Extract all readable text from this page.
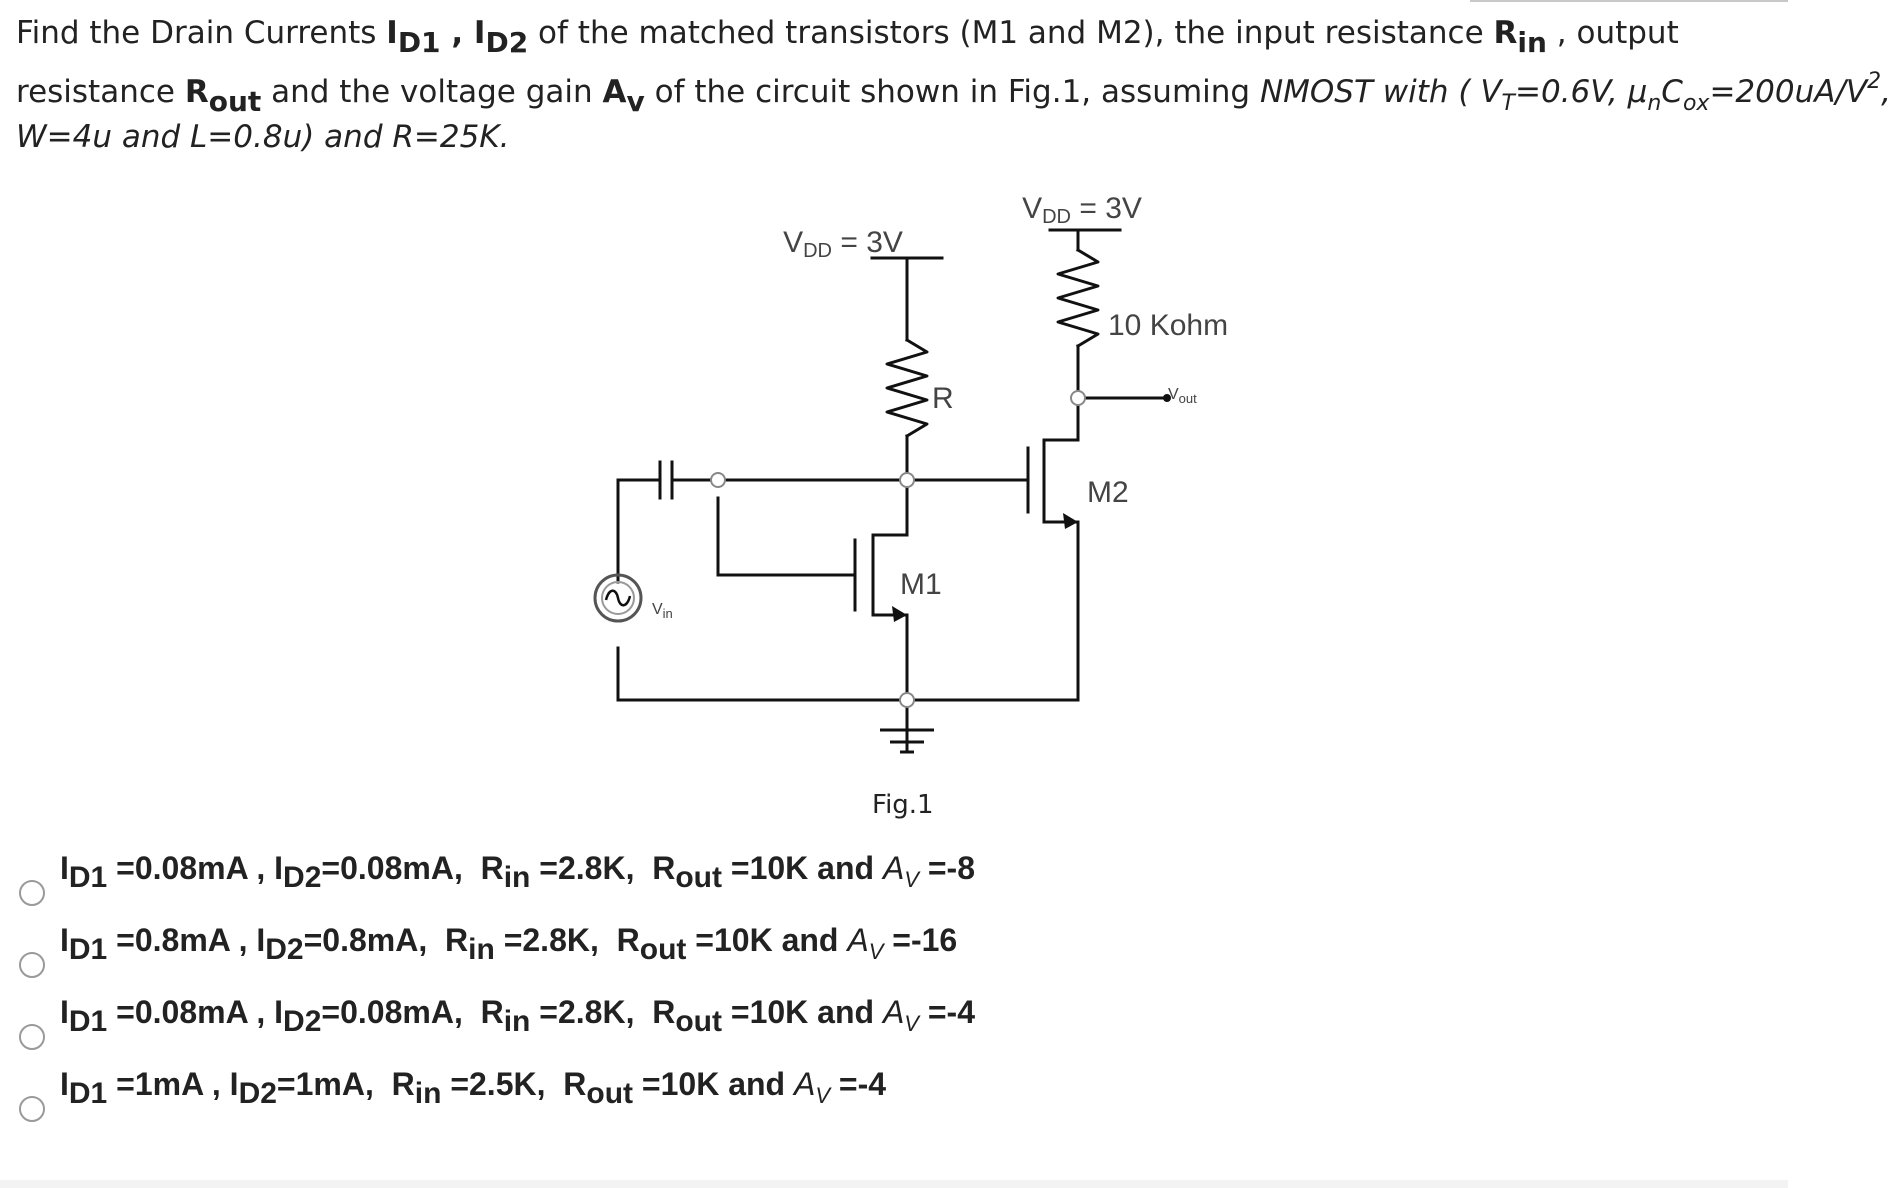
Find the Drain Currents ID1 , ID2 of the matched transistors (M1 and M2), the input resistance Rin , output
resistance Rout and the voltage gain Av of the circuit shown in Fig.1, assuming NMOST with ( $V_T=0.6V$, $\mu_nC_{ox}=200uA/V^2$,
W=4u and L=0.8u) and R=25K.
VDD = 3V
VDD = 3V
R
10 Kohm
$V_{out}$
M1
M2
$V_{in}$
Fig.1
ID1 =0.08mA , ID2=0.08mA,  Rin =2.8K,  Rout =10K and $A_V =-8$
ID1 =0.8mA , ID2=0.8mA,  Rin =2.8K,  Rout =10K and $A_V =-16$
ID1 =0.08mA , ID2=0.08mA,  Rin =2.8K,  Rout =10K and $A_V =-4$
ID1 =1mA , ID2=1mA,  Rin =2.5K,  Rout =10K and $A_V =-4$
